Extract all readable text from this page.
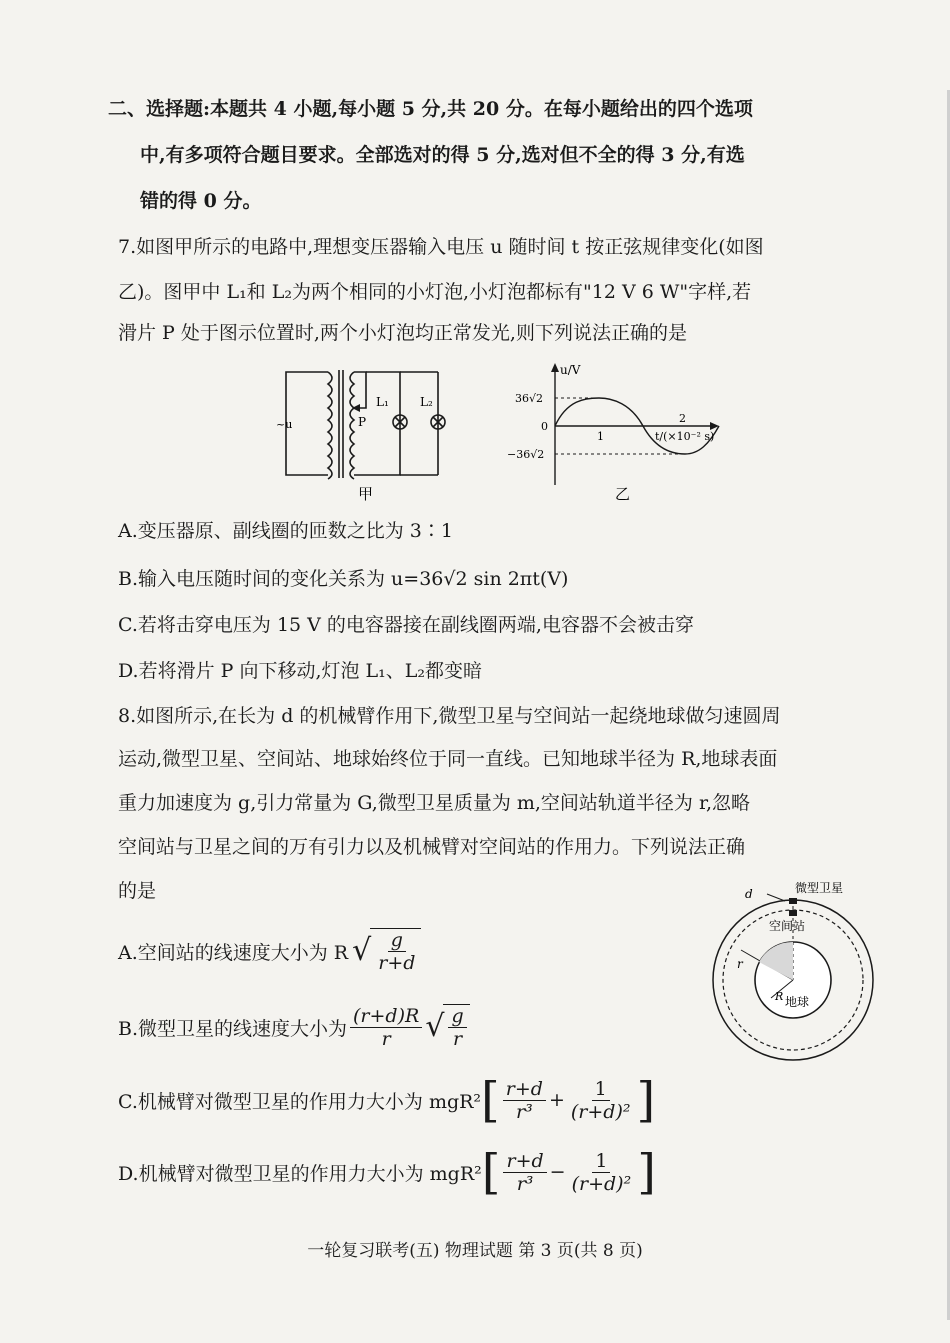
二、选择题:本题共 4 小题,每小题 5 分,共 20 分。在每小题给出的四个选项
中,有多项符合题目要求。全部选对的得 5 分,选对但不全的得 3 分,有选
错的得 0 分。
7.如图甲所示的电路中,理想变压器输入电压 u 随时间 t 按正弦规律变化(如图
乙)。图甲中 L₁和 L₂为两个相同的小灯泡,小灯泡都标有"12 V 6 W"字样,若
滑片 P 处于图示位置时,两个小灯泡均正常发光,则下列说法正确的是
~u	P
L₁	L₂
甲
u/V
36√2
0
−36√2
1
2
t/(×10⁻² s)
乙
A.变压器原、副线圈的匝数之比为 3∶1
B.输入电压随时间的变化关系为 u=36√2 sin 2πt(V)
C.若将击穿电压为 15 V 的电容器接在副线圈两端,电容器不会被击穿
D.若将滑片 P 向下移动,灯泡 L₁、L₂都变暗
8.如图所示,在长为 d 的机械臂作用下,微型卫星与空间站一起绕地球做匀速圆周
运动,微型卫星、空间站、地球始终位于同一直线。已知地球半径为 R,地球表面
重力加速度为 g,引力常量为 G,微型卫星质量为 m,空间站轨道半径为 r,忽略
空间站与卫星之间的万有引力以及机械臂对空间站的作用力。下列说法正确
的是	微型卫星
d
空间站
r
R 地球
A.空间站的线速度大小为 R √ $\frac{g}{r+d}$
B.微型卫星的线速度大小为 $\frac{(r+d)R}{r}$ √ $\frac{g}{r}$
C.机械臂对微型卫星的作用力大小为 mgR² [ $\frac{r+d}{\text{r³}} + \frac{1}{\text{(r+d)²}}$ ]
D.机械臂对微型卫星的作用力大小为 mgR² [ $\frac{r+d}{\text{r³}} - \frac{1}{\text{(r+d)²}}$ ]
一轮复习联考(五) 物理试题 第 3 页(共 8 页)
